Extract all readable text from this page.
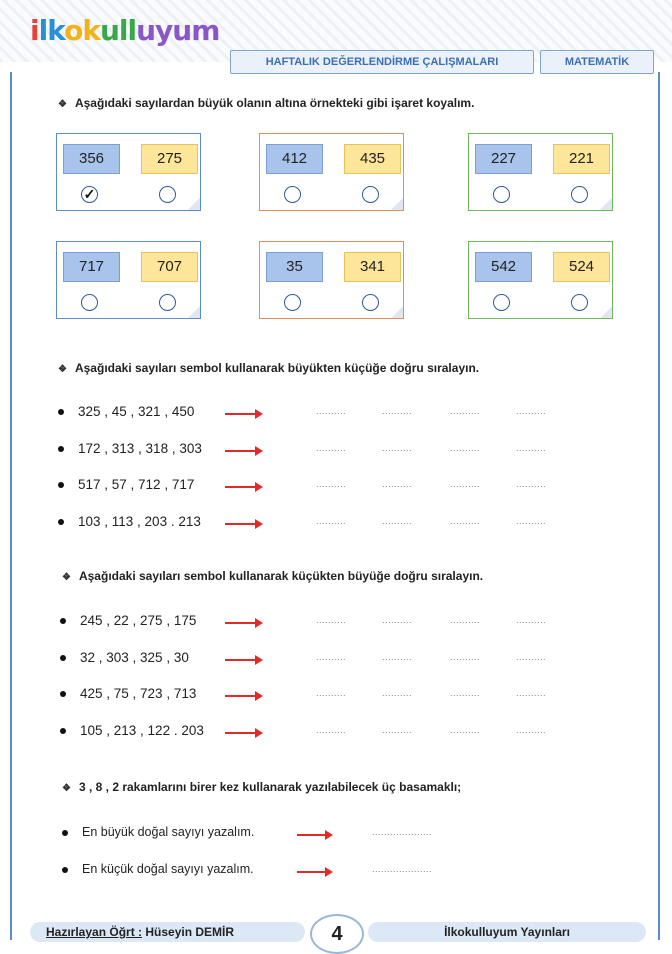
ilkokulluyum
HAFTALIK DEĞERLENDİRME ÇALIŞMALARI	MATEMATİK
❖ Aşağıdaki sayılardan büyük olanın altına örnekteki gibi işaret koyalım.
356	275
✓
412	435	227	221
717	707	35	341	542	524
❖ Aşağıdaki sayıları sembol kullanarak büyükten küçüğe doğru sıralayın.
325 , 45 , 321 , 450	..........	..........	..........	..........
172 , 313 , 318 , 303	..........	..........	..........	..........
517 , 57 , 712 , 717	..........	..........	..........	..........
103 , 113 , 203 . 213	..........	..........	..........	..........
❖ Aşağıdaki sayıları sembol kullanarak küçükten büyüğe doğru sıralayın.
245 , 22 , 275 , 175	..........	..........	..........	..........
32 , 303 , 325 , 30	..........	..........	..........	..........
425 , 75 , 723 , 713	..........	..........	..........	..........
105 , 213 , 122 . 203	..........	..........	..........	..........
❖ 3 , 8 , 2 rakamlarını birer kez kullanarak yazılabilecek üç basamaklı;
En büyük doğal sayıyı yazalım.	....................
En küçük doğal sayıyı yazalım.	....................
Hazırlayan Öğrt : Hüseyin DEMİR	4	İlkokulluyum Yayınları
